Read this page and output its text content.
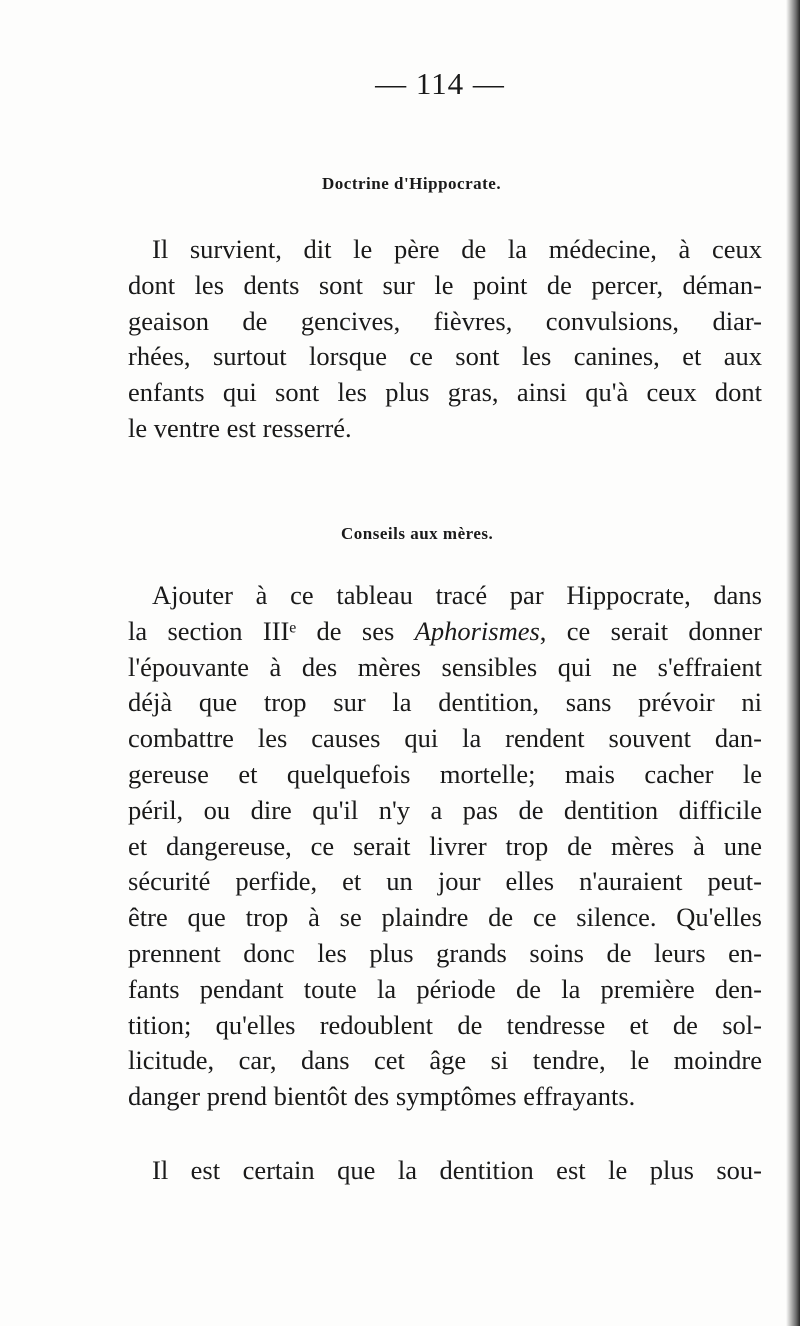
— 114 —
Doctrine d'Hippocrate.
Il survient, dit le père de la médecine, à ceux
dont les dents sont sur le point de percer, déman-
geaison de gencives, fièvres, convulsions, diar-
rhées, surtout lorsque ce sont les canines, et aux
enfants qui sont les plus gras, ainsi qu'à ceux dont
le ventre est resserré.
Conseils aux mères.
Ajouter à ce tableau tracé par Hippocrate, dans
la section IIIᵉ de ses Aphorismes, ce serait donner
l'épouvante à des mères sensibles qui ne s'effraient
déjà que trop sur la dentition, sans prévoir ni
combattre les causes qui la rendent souvent dan-
gereuse et quelquefois mortelle; mais cacher le
péril, ou dire qu'il n'y a pas de dentition difficile
et dangereuse, ce serait livrer trop de mères à une
sécurité perfide, et un jour elles n'auraient peut-
être que trop à se plaindre de ce silence. Qu'elles
prennent donc les plus grands soins de leurs en-
fants pendant toute la période de la première den-
tition; qu'elles redoublent de tendresse et de sol-
licitude, car, dans cet âge si tendre, le moindre
danger prend bientôt des symptômes effrayants.
Il est certain que la dentition est le plus sou-
